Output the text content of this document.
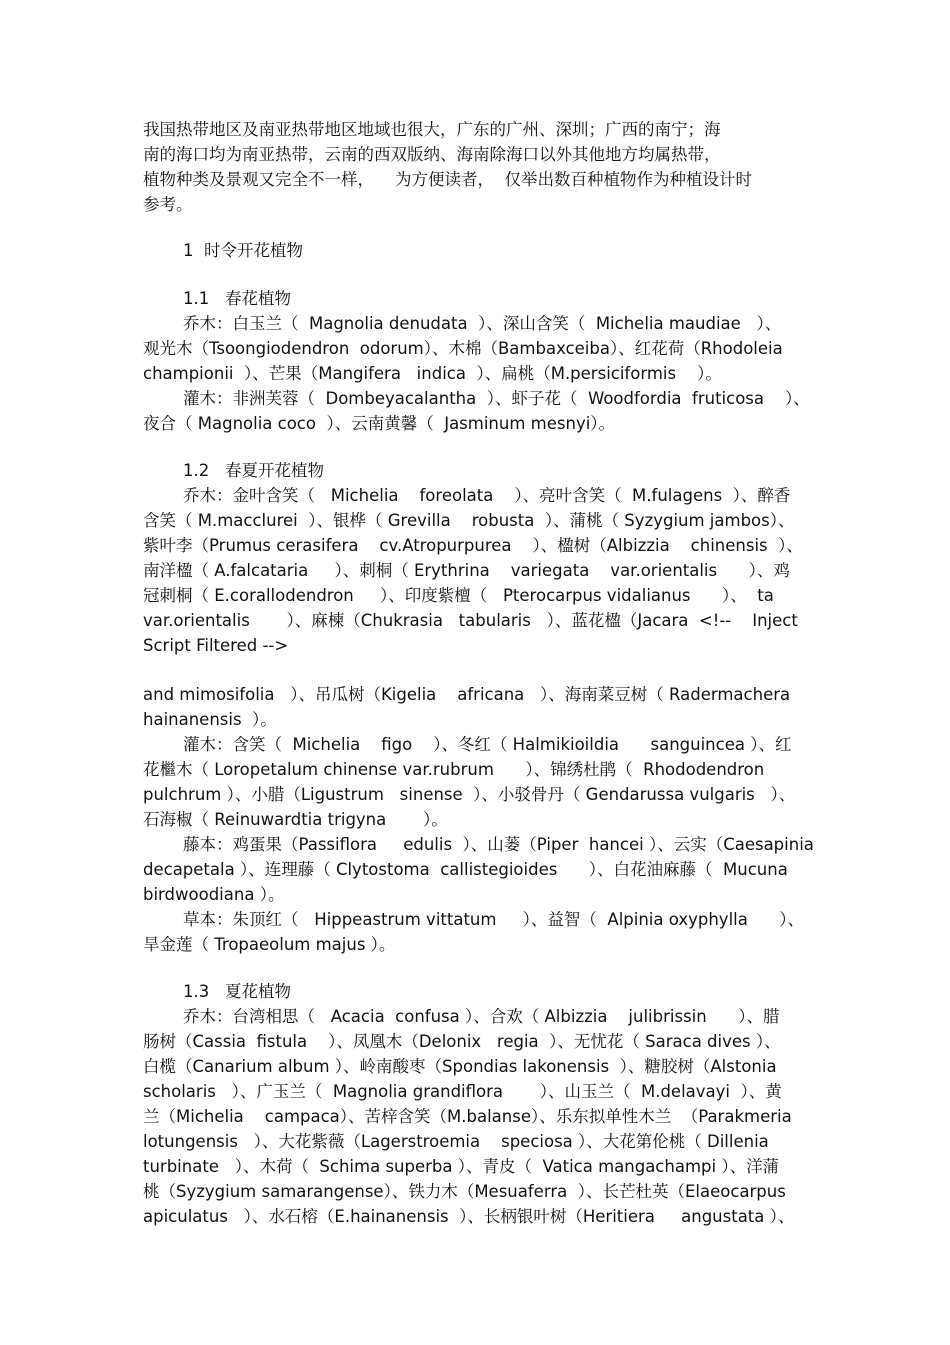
我国热带地区及南亚热带地区地域也很大，广东的广州、深圳；广西的南宁；海
南的海口均为南亚热带，云南的西双版纳、海南除海口以外其他地方均属热带，
植物种类及景观又完全不一样，    为方便读者，  仅举出数百种植物作为种植设计时
参考。
1  时令开花植物
1.1   春花植物
乔木：白玉兰（  Magnolia denudata  ）、深山含笑（  Michelia maudiae   ）、
观光木（Tsoongiodendron  odorum）、木棉（Bambaxceiba）、红花荷（Rhodoleia
championii  ）、芒果（Mangifera   indica  ）、扁桃（M.persiciformis    ）。
灌木：非洲芙蓉（  Dombeyacalantha  ）、虾子花（  Woodfordia  fruticosa    ）、
夜合（ Magnolia coco  ）、云南黄馨（  Jasminum mesnyi）。
1.2   春夏开花植物
乔木：金叶含笑（   Michelia    foreolata    ）、亮叶含笑（  M.fulagens  ）、醉香
含笑（ M.macclurei  ）、银桦（ Grevilla    robusta  ）、蒲桃（ Syzygium jambos）、
紫叶李（Prumus cerasifera    cv.Atropurpurea    ）、楹树（Albizzia    chinensis  ）、
南洋楹（ A.falcataria     ）、刺桐（ Erythrina    variegata    var.orientalis      ）、鸡
冠刺桐（ E.corallodendron     ）、印度紫檀（   Pterocarpus vidalianus      ）、  ta
var.orientalis       ）、麻楝（Chukrasia   tabularis   ）、蓝花楹（Jacara  <!--    Inject
Script Filtered -->
and mimosifolia   ）、吊瓜树（Kigelia    africana   ）、海南菜豆树（ Radermachera
hainanensis  ）。
灌木：含笑（  Michelia    figo    ）、冬红（ Halmikioildia      sanguincea ）、红
花檵木（ Loropetalum chinense var.rubrum      ）、锦绣杜鹃（  Rhododendron
pulchrum ）、小腊（Ligustrum   sinense  ）、小驳骨丹（ Gendarussa vulgaris   ）、
石海椒（ Reinuwardtia trigyna       ）。
藤本：鸡蛋果（Passiflora     edulis  ）、山蒌（Piper  hancei ）、云实（Caesapinia
decapetala ）、连理藤（ Clytostoma  callistegioides      ）、白花油麻藤（  Mucuna
birdwoodiana ）。
草本：朱顶红（   Hippeastrum vittatum     ）、益智（  Alpinia oxyphylla      ）、
旱金莲（ Tropaeolum majus ）。
1.3   夏花植物
乔木：台湾相思（   Acacia  confusa ）、合欢（ Albizzia    julibrissin      ）、腊
肠树（Cassia  fistula    ）、凤凰木（Delonix   regia  ）、无忧花（ Saraca dives ）、
白榄（Canarium album ）、岭南酸枣（Spondias lakonensis  ）、糖胶树（Alstonia
scholaris   ）、广玉兰（  Magnolia grandiflora       ）、山玉兰（  M.delavayi  ）、黄
兰（Michelia    campaca）、苦梓含笑（M.balanse）、乐东拟单性木兰  （Parakmeria
lotungensis   ）、大花紫薇（Lagerstroemia    speciosa ）、大花第伦桃（ Dillenia
turbinate   ）、木荷（  Schima superba ）、青皮（  Vatica mangachampi ）、洋蒲
桃（Syzygium samarangense）、铁力木（Mesuaferra  ）、长芒杜英（Elaeocarpus
apiculatus   ）、水石榕（E.hainanensis  ）、长柄银叶树（Heritiera     angustata ）、
